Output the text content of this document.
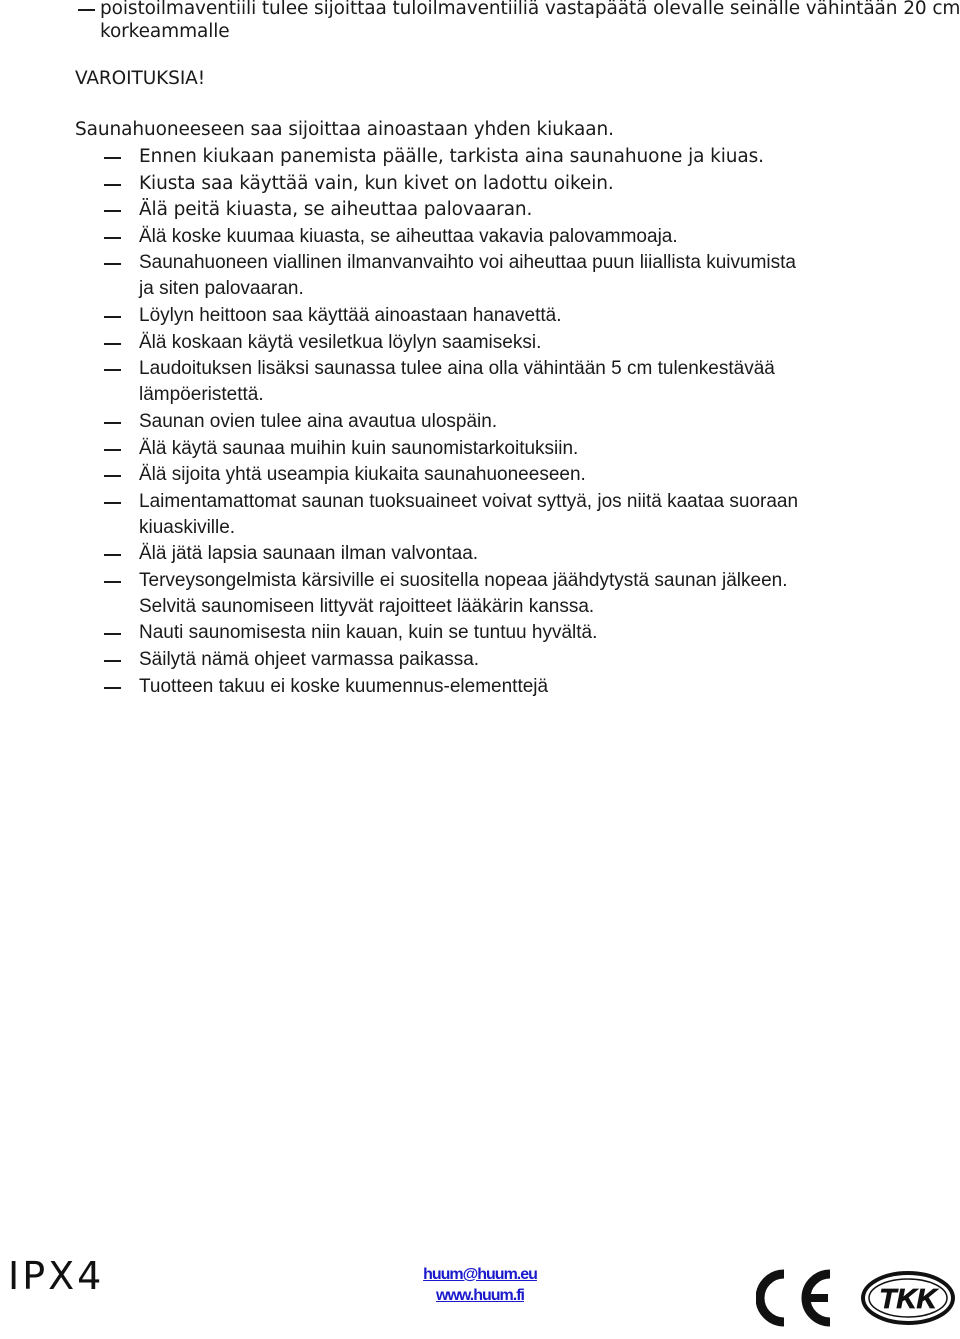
poistoilmaventiili tulee sijoittaa tuloilmaventiiliä vastapäätä olevalle seinälle vähintään 20 cm
korkeammalle
VAROITUKSIA!
Saunahuoneeseen saa sijoittaa ainoastaan yhden kiukaan.
Ennen kiukaan panemista päälle, tarkista aina saunahuone ja kiuas.
Kiusta saa käyttää vain, kun kivet on ladottu oikein.
Älä peitä kiuasta, se aiheuttaa palovaaran.
Älä koske kuumaa kiuasta, se aiheuttaa vakavia palovammoaja.
Saunahuoneen viallinen ilmanvanvaihto voi aiheuttaa puun liiallista kuivumista
ja siten palovaaran.
Löylyn heittoon saa käyttää ainoastaan hanavettä.
Älä koskaan käytä vesiletkua löylyn saamiseksi.
Laudoituksen lisäksi saunassa tulee aina olla vähintään 5 cm tulenkestävää
lämpöeristettä.
Saunan ovien tulee aina avautua ulospäin.
Älä käytä saunaa muihin kuin saunomistarkoituksiin.
Älä sijoita yhtä useampia kiukaita saunahuoneeseen.
Laimentamattomat saunan tuoksuaineet voivat syttyä, jos niitä kaataa suoraan
kiuaskiville.
Älä jätä lapsia saunaan ilman valvontaa.
Terveysongelmista kärsiville ei suositella nopeaa jäähdytystä saunan jälkeen.
Selvitä saunomiseen littyvät rajoitteet lääkärin kanssa.
Nauti saunomisesta niin kauan, kuin se tuntuu hyvältä.
Säilytä nämä ohjeet varmassa paikassa.
Tuotteen takuu ei koske kuumennus-elementtejä
IPX4	huum@huum.eu
www.huum.fi	TKK
